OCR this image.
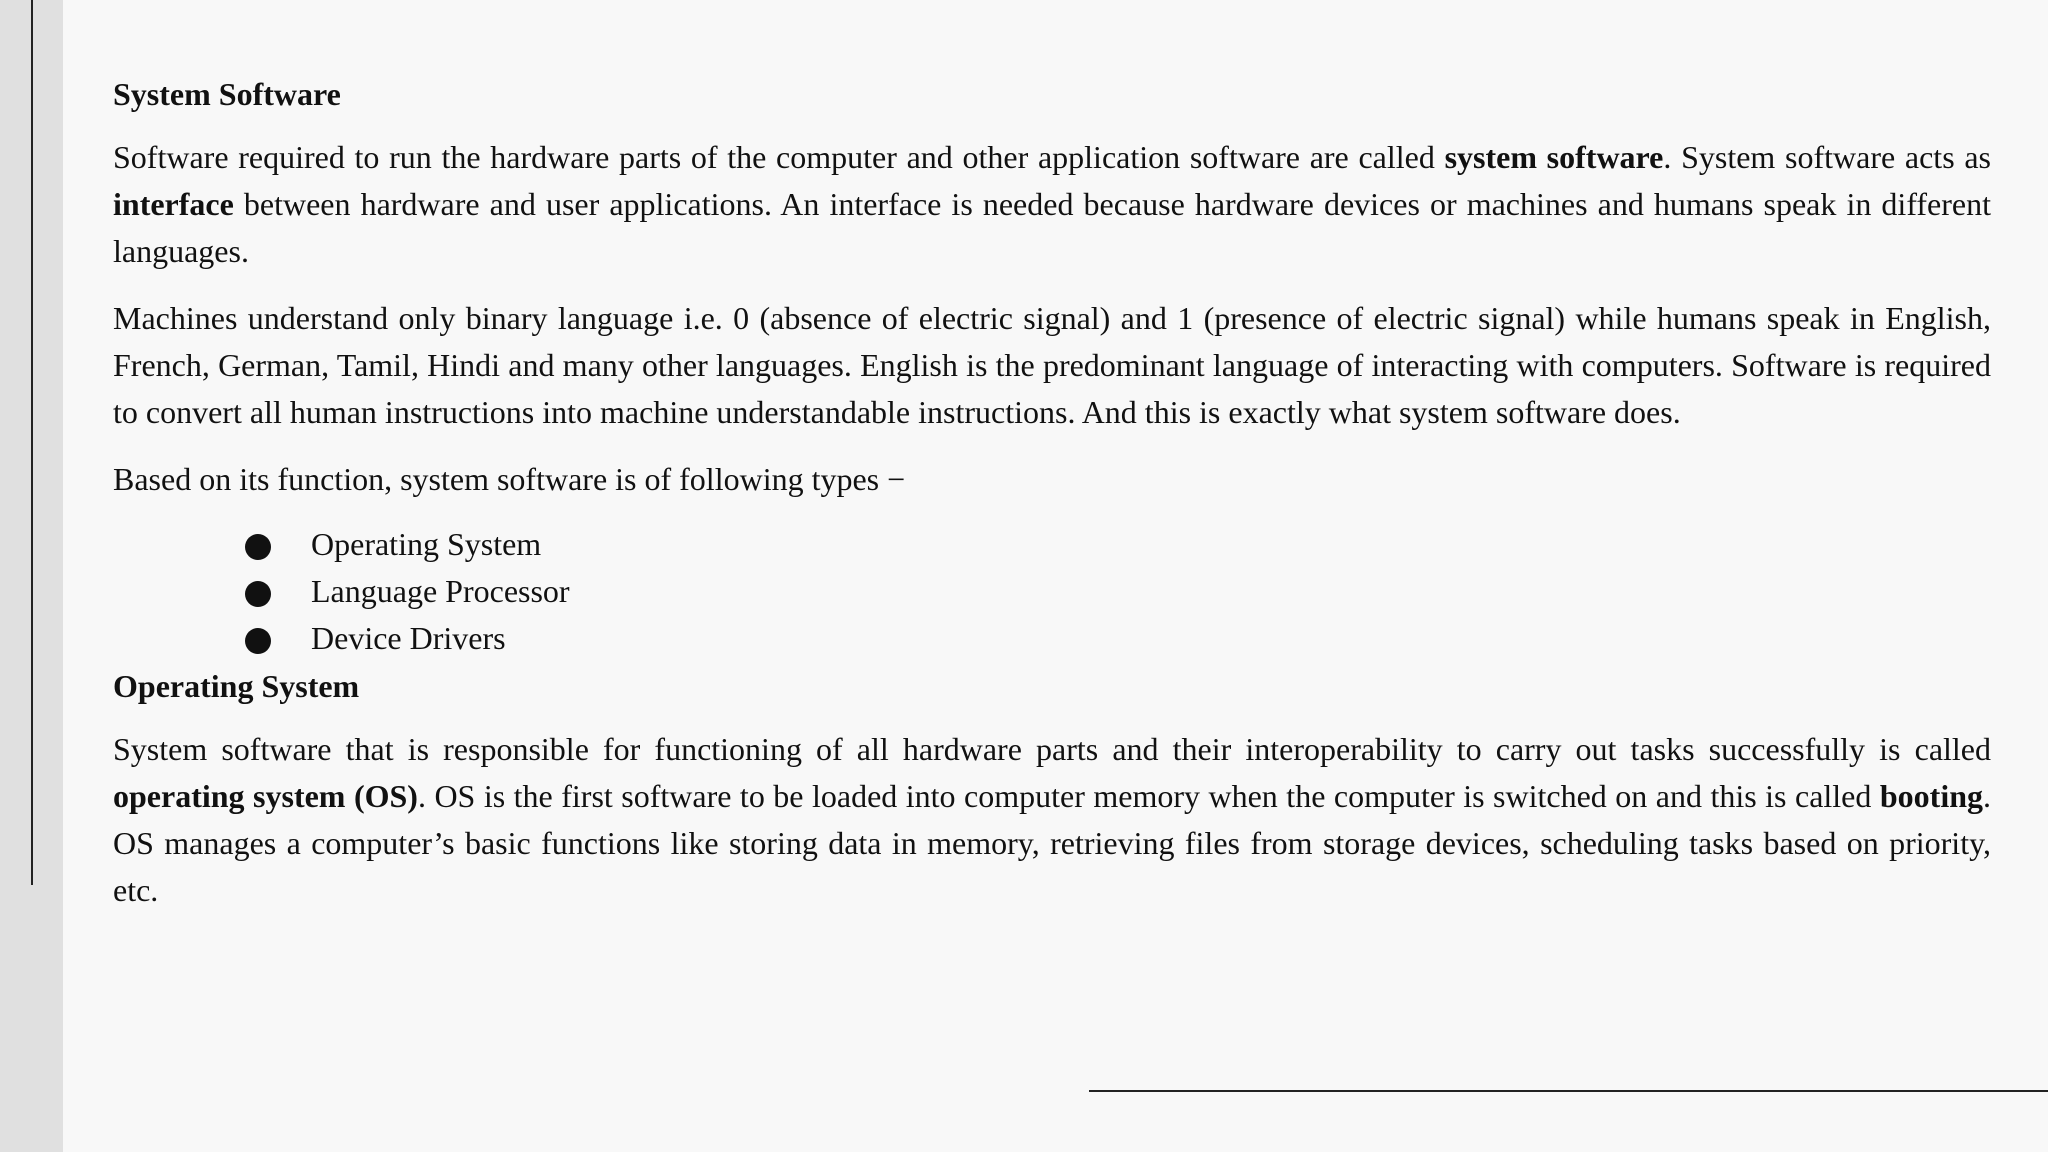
System Software

Software required to run the hardware parts of the computer and other application software are called system software. System software acts as interface between hardware and user applications. An interface is needed because hardware devices or machines and humans speak in different languages.

Machines understand only binary language i.e. 0 (absence of electric signal) and 1 (presence of electric signal) while humans speak in English, French, German, Tamil, Hindi and many other languages. English is the predominant language of interacting with computers. Software is required to convert all human instructions into machine understandable instructions. And this is exactly what system software does.

Based on its function, system software is of following types −

Operating System
Language Processor
Device Drivers
Operating System

System software that is responsible for functioning of all hardware parts and their interoperability to carry out tasks successfully is called operating system (OS). OS is the first software to be loaded into computer memory when the computer is switched on and this is called booting. OS manages a computer’s basic functions like storing data in memory, retrieving files from storage devices, scheduling tasks based on priority, etc.
